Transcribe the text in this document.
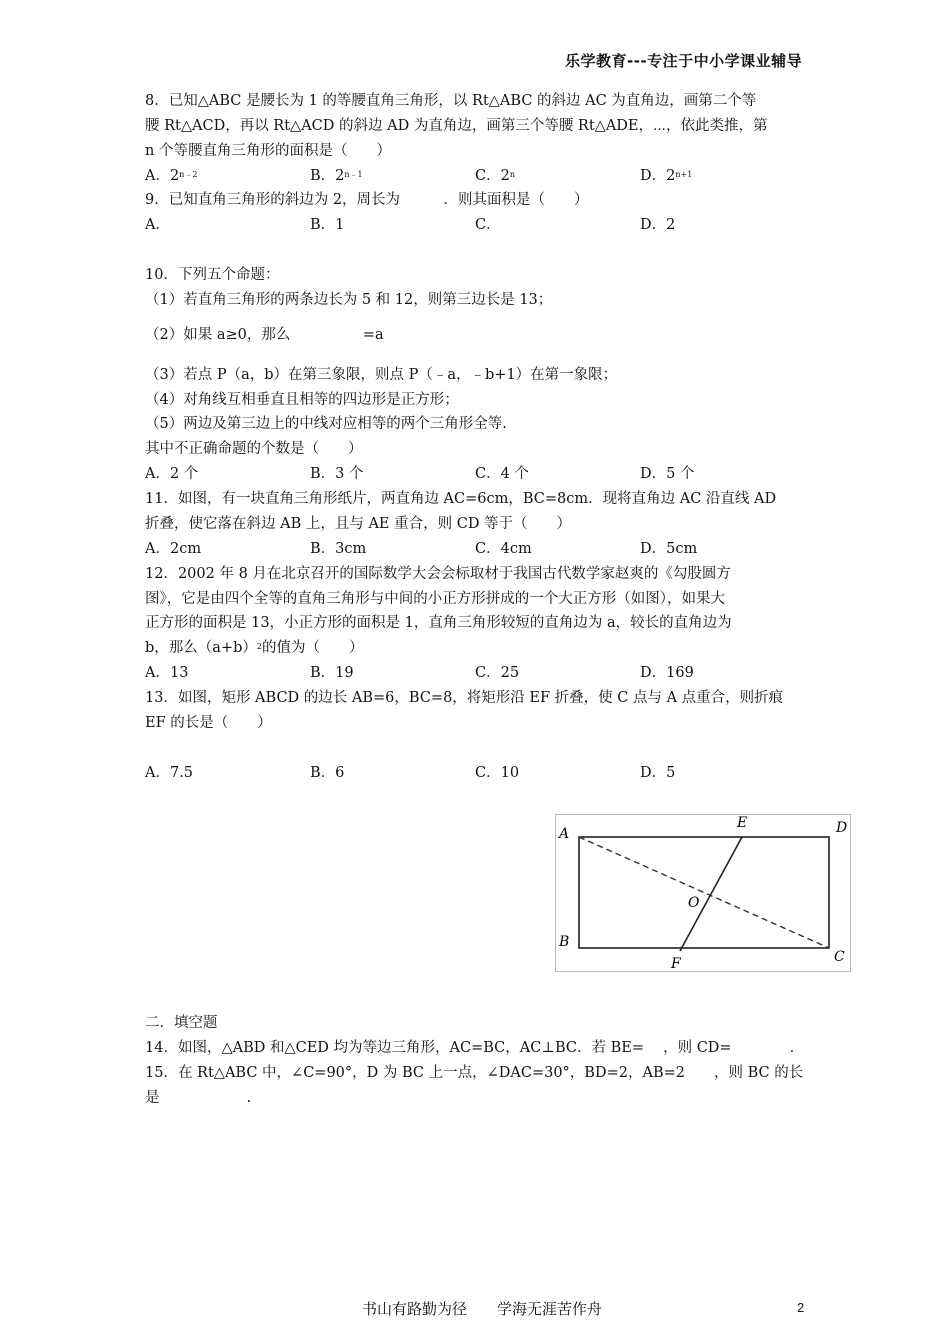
乐学教育---专注于中小学课业辅导
8．已知△ABC 是腰长为 1 的等腰直角三角形，以 Rt△ABC 的斜边 AC 为直角边，画第二个等
腰 Rt△ACD，再以 Rt△ACD 的斜边 AD 为直角边，画第三个等腰 Rt△ADE，⋯，依此类推，第
n 个等腰直角三角形的面积是（　　）
A．$2^{n﹣2}$	B．$2^{n﹣1}$	C．2$^n$	D．$2^{n+1}$
9．已知直角三角形的斜边为 2，周长为　　　．则其面积是（　　）
A．	B．1	C．	D．2
10．下列五个命题：
（1）若直角三角形的两条边长为 5 和 12，则第三边长是 13；
（2）如果 a≥0，那么　　　　　=a
（3）若点 P（a，b）在第三象限，则点 P（﹣a，﹣b+1）在第一象限；
（4）对角线互相垂直且相等的四边形是正方形；
（5）两边及第三边上的中线对应相等的两个三角形全等.
其中不正确命题的个数是（　　）
A．2 个	B．3 个	C．4 个	D．5 个
11．如图，有一块直角三角形纸片，两直角边 AC=6cm，BC=8cm．现将直角边 AC 沿直线 AD
折叠，使它落在斜边 AB 上，且与 AE 重合，则 CD 等于（　　）
A．2cm	B．3cm	C．4cm	D．5cm
12．2002 年 8 月在北京召开的国际数学大会会标取材于我国古代数学家赵爽的《勾股圆方
图》，它是由四个全等的直角三角形与中间的小正方形拼成的一个大正方形（如图），如果大
正方形的面积是 13，小正方形的面积是 1，直角三角形较短的直角边为 a，较长的直角边为
b，那么$(a+b)^2$的值为（　　）
A．13	B．19	C．25	D．169
13．如图，矩形 ABCD 的边长 AB=6，BC=8，将矩形沿 EF 折叠，使 C 点与 A 点重合，则折痕
EF 的长是（　　）
A．7.5	B．6	C．10	D．5
A
B
C
D
E
F
O
二．填空题
14．如图，△ABD 和△CED 均为等边三角形，AC=BC，AC⊥BC．若 BE=　 ，则 CD=　　　　.
15．在 Rt△ABC 中，∠C=90°，D 为 BC 上一点，∠DAC=30°，BD=2，AB=2　　，则 BC 的长
是　　　　　　.
书山有路勤为径　　学海无涯苦作舟	2
